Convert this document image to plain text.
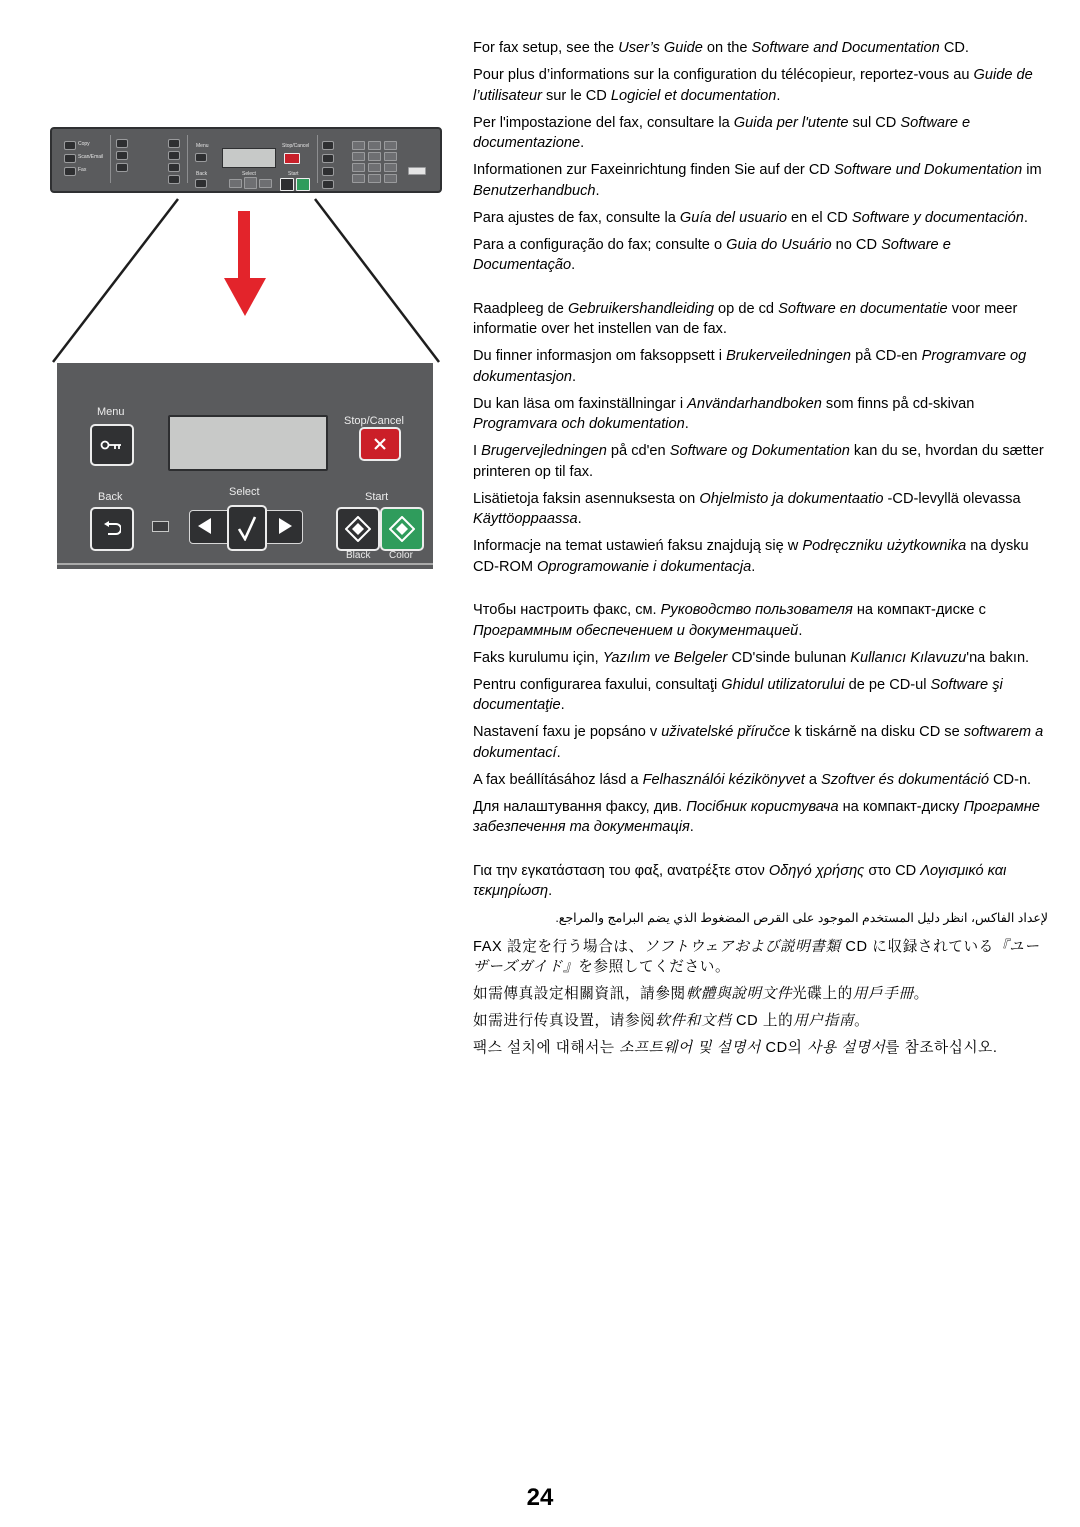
Copy
Scan/Email
Fax
Menu
Back
Stop/Cancel
Select	Start
Menu
Stop/Cancel
Back	Select	Start
Black Color

For fax setup, see the User’s Guide on the Software and Documentation CD.

Pour plus d’informations sur la configuration du télécopieur, reportez-vous au Guide de l’utilisateur sur le CD Logiciel et documentation.

Per l'impostazione del fax, consultare la Guida per l'utente sul CD Software e documentazione.

Informationen zur Faxeinrichtung finden Sie auf der CD Software und Dokumentation im Benutzerhandbuch.

Para ajustes de fax, consulte la Guía del usuario en el CD Software y documentación.

Para a configuração do fax; consulte o Guia do Usuário no CD Software e Documentação.

Raadpleeg de Gebruikershandleiding op de cd Software en documentatie voor meer informatie over het instellen van de fax.

Du finner informasjon om faksoppsett i Brukerveiledningen på CD-en Programvare og dokumentasjon.

Du kan läsa om faxinställningar i Användarhandboken som finns på cd-skivan Programvara och dokumentation.

I Brugervejledningen på cd'en Software og Dokumentation kan du se, hvordan du sætter printeren op til fax.

Lisätietoja faksin asennuksesta on Ohjelmisto ja dokumentaatio -CD-levyllä olevassa Käyttöoppaassa.

Informacje na temat ustawień faksu znajdują się w Podręczniku użytkownika na dysku CD-ROM Oprogramowanie i dokumentacja.

Чтобы настроить факс, см. Руководство пользователя на компакт-диске с Программным обеспечением и документацией.

Faks kurulumu için, Yazılım ve Belgeler CD'sinde bulunan Kullanıcı Kılavuzu'na bakın.

Pentru configurarea faxului, consultaţi Ghidul utilizatorului de pe CD-ul Software şi documentaţie.

Nastavení faxu je popsáno v uživatelské příručce k tiskárně na disku CD se softwarem a dokumentací.

A fax beállításához lásd a Felhasználói kézikönyvet a Szoftver és dokumentáció CD-n.

Для налаштування факсу, див. Посібник користувача на компакт-диску Програмне забезпечення та документація.

Για την εγκατάσταση του φαξ, ανατρέξτε στον Οδηγό χρήσης στο CD Λογισμικό και τεκμηρίωση.

لإعداد الفاكس، انظر دليل المستخدم الموجود على القرص المضغوط الذي يضم البرامج والمراجع.

FAX 設定を行う場合は、ソフトウェアおよび説明書類 CD に収録されている『ユーザーズガイド』を参照してください。

如需傳真設定相關資訊，請參閱軟體與說明文件光碟上的用戶手冊。

如需进行传真设置，请参阅软件和文档 CD 上的用户指南。

팩스 설치에 대해서는 소프트웨어 및 설명서 CD의 사용 설명서를 참조하십시오.

24
